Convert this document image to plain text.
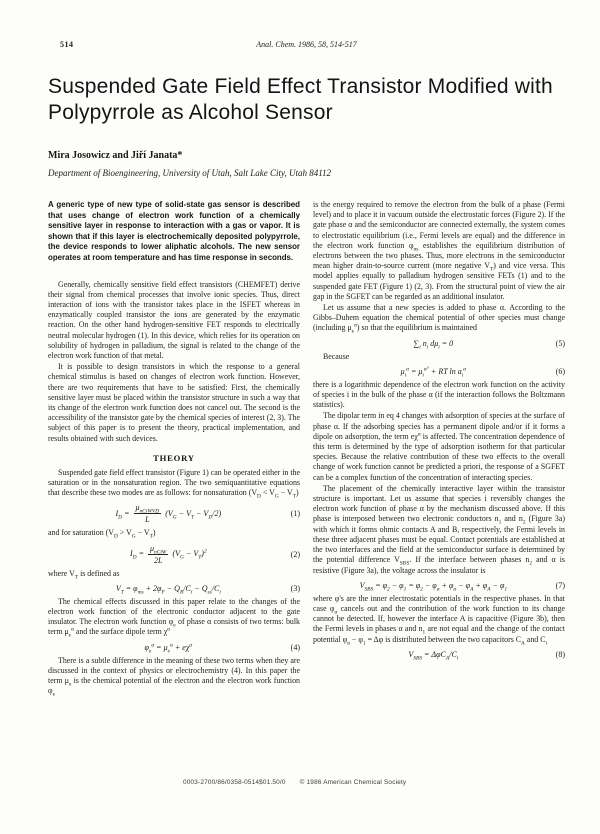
514	Anal. Chem. 1986, 58, 514-517
Suspended Gate Field Effect Transistor Modified with Polypyrrole as Alcohol Sensor
Mira Josowicz and Jiří Janata*
Department of Bioengineering, University of Utah, Salt Lake City, Utah 84112

A generic type of new type of solid-state gas sensor is described that uses change of electron work function of a chemically sensitive layer in response to interaction with a gas or vapor. It is shown that if this layer is electrochemically deposited polypyrrole, the device responds to lower aliphatic alcohols. The new sensor operates at room temperature and has time response in seconds.

Generally, chemically sensitive field effect transistors (CHEMFET) derive their signal from chemical processes that involve ionic species. Thus, direct interaction of ions with the transistor takes place in the ISFET whereas in enzymatically coupled transistor the ions are generated by the enzymatic reaction. On the other hand hydrogen-sensitive FET responds to electrically neutral molecular hydrogen (1). In this device, which relies for its operation on solubility of hydrogen in palladium, the signal is related to the change of the electron work function of that metal.

It is possible to design transistors in which the response to a general chemical stimulus is based on changes of electron work function. However, there are two requirements that have to be satisfied: First, the chemically sensitive layer must be placed within the transistor structure in such a way that its change of the electron work function does not cancel out. The second is the accessibility of the transistor gate by the chemical species of interest (2, 3). The subject of this paper is to present the theory, practical implementation, and results obtained with such devices.

THEORY

Suspended gate field effect transistor (Figure 1) can be operated either in the saturation or in the nonsaturation region. The two semiquantitative equations that describe these two modes are as follows: for nonsaturation $(V_D < V_G - V_T)$

$I_D = \frac{\mu_{nCiWVD}}{L} (V_G - V_T - V_D/2)$	(1)

and for saturation $(V_D > V_G - V_T)$

$I_D = \frac{\mu_{nCiW}}{2L} (V_G - V_T)^2$	(2)

where $V_T$ is defined as

$V_T = \varphi_{ms} + 2\varphi_F - Q_B/C_i - Q_{ss}/C_i$	(3)

The chemical effects discussed in this paper relate to the changes of the electron work function of the electronic conductor adjacent to the gate insulator. The electron work function $\varphi_e$ of phase α consists of two terms: bulk term $\mu_e^\alpha$ and the surface dipole term $\chi^\alpha$

$\varphi_e^\alpha = \mu_e^\alpha + e\chi^\alpha$	(4)

There is a subtle difference in the meaning of these two terms when they are discussed in the context of physics or electrochemistry (4). In this paper the term $\mu_e$ is the chemical potential of the electron and the electron work function $\varphi_e$

is the energy required to remove the electron from the bulk of a phase (Fermi level) and to place it in vacuum outside the electrostatic forces (Figure 2). If the gate phase α and the semiconductor are connected externally, the system comes to electrostatic equilibrium (i.e., Fermi levels are equal) and the difference in the electron work function $\varphi_{\alpha s}$ establishes the equilibrium distribution of electrons between the two phases. Thus, more electrons in the semiconductor mean higher drain-to-source current (more negative $V_T$) and vice versa. This model applies equally to palladium hydrogen sensitive FETs (1) and to the suspended gate FET (Figure 1) (2, 3). From the structural point of view the air gap in the SGFET can be regarded as an additional insulator.

Let us assume that a new species is added to phase α. According to the Gibbs–Duhem equation the chemical potential of other species must change (including $\mu_e^\alpha$) so that the equilibrium is maintained

$\sum_i$ $n_i$ $d\mu_i = 0$	(5)

Because

$\mu_i^\alpha = \mu_i^{\alpha^\circ}$ + RT $\ln a_i^\alpha$	(6)

there is a logarithmic dependence of the electron work function on the activity of species i in the bulk of the phase α (if the interaction follows the Boltzmann statistics).

The dipolar term in eq 4 changes with adsorption of species at the surface of phase α. If the adsorbing species has a permanent dipole and/or if it forms a dipole on adsorption, the term $e\chi^\alpha$ is affected. The concentration dependence of this term is determined by the type of adsorption isotherm for that particular species. Because the relative contribution of these two effects to the overall change of work function cannot be predicted a priori, the response of a SGFET can be a complex function of the concentration of interacting species.

The placement of the chemically interactive layer within the transistor structure is important. Let us assume that species i reversibly changes the electron work function of phase α by the mechanism discussed above. If this phase is interposed between two electronic conductors $n_1$ and $n_2$ (Figure 3a) with which it forms ohmic contacts A and B, respectively, the Fermi levels in these three adjacent phases must be equal. Contact potentials are established at the two interfaces and the field at the semiconductor surface is determined by the potential difference $V_{SBS}$. If the interface between phases $n_2$ and α is resistive (Figure 3a), the voltage across the insulator is

$V_{SBS} = \varphi_2 - \varphi_1 = \varphi_2 - \varphi_\alpha + \varphi_\alpha - \varphi_A + \varphi_A - \varphi_1$	(7)

where φ's are the inner electrostatic potentials in the respective phases. In that case $\varphi_\alpha$ cancels out and the contribution of the work function to its change cannot be detected. If, however the interface A is capacitive (Figure 3b), then the Fermi levels in phases α and $n_1$ are not equal and the change of the contact potential $\varphi_\alpha - \varphi_1 = \Delta\varphi$ is distributed between the two capacitors $C_A$ and $C_i$

$V_{SBS} = \Delta\varphi C_A/C_i$	(8)
0003-2700/86/0358-0514$01.50/0 © 1986 American Chemical Society
